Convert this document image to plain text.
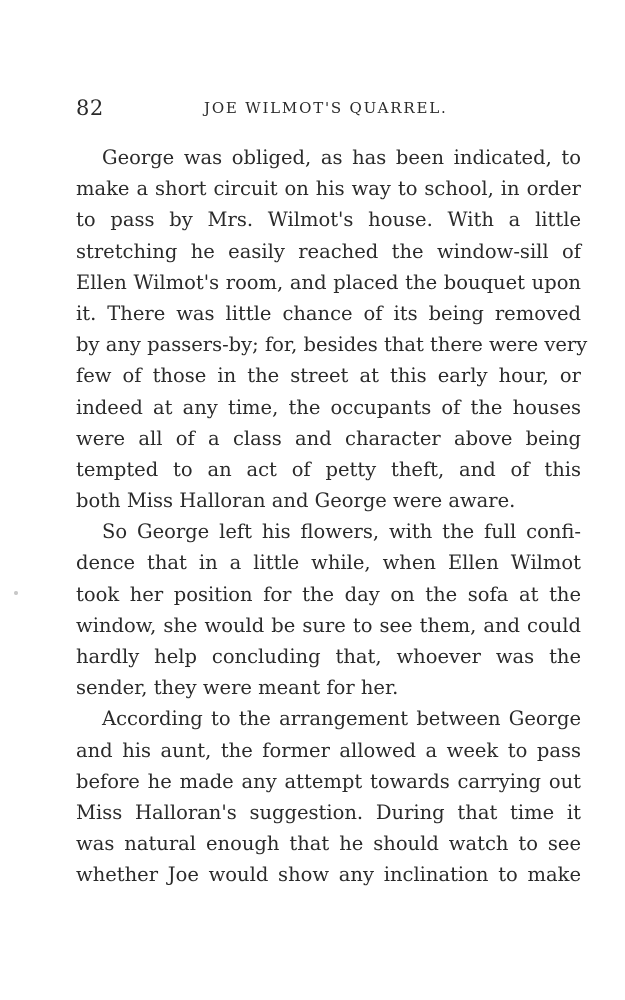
82	JOE WILMOT'S QUARREL.
George was obliged, as has been indicated, to
make a short circuit on his way to school, in order
to pass by Mrs. Wilmot's house. With a little
stretching he easily reached the window-sill of
Ellen Wilmot's room, and placed the bouquet upon
it. There was little chance of its being removed
by any passers-by; for, besides that there were very
few of those in the street at this early hour, or
indeed at any time, the occupants of the houses
were all of a class and character above being
tempted to an act of petty theft, and of this
both Miss Halloran and George were aware.
So George left his flowers, with the full confi-
dence that in a little while, when Ellen Wilmot
took her position for the day on the sofa at the
window, she would be sure to see them, and could
hardly help concluding that, whoever was the
sender, they were meant for her.
According to the arrangement between George
and his aunt, the former allowed a week to pass
before he made any attempt towards carrying out
Miss Halloran's suggestion. During that time it
was natural enough that he should watch to see
whether Joe would show any inclination to make
